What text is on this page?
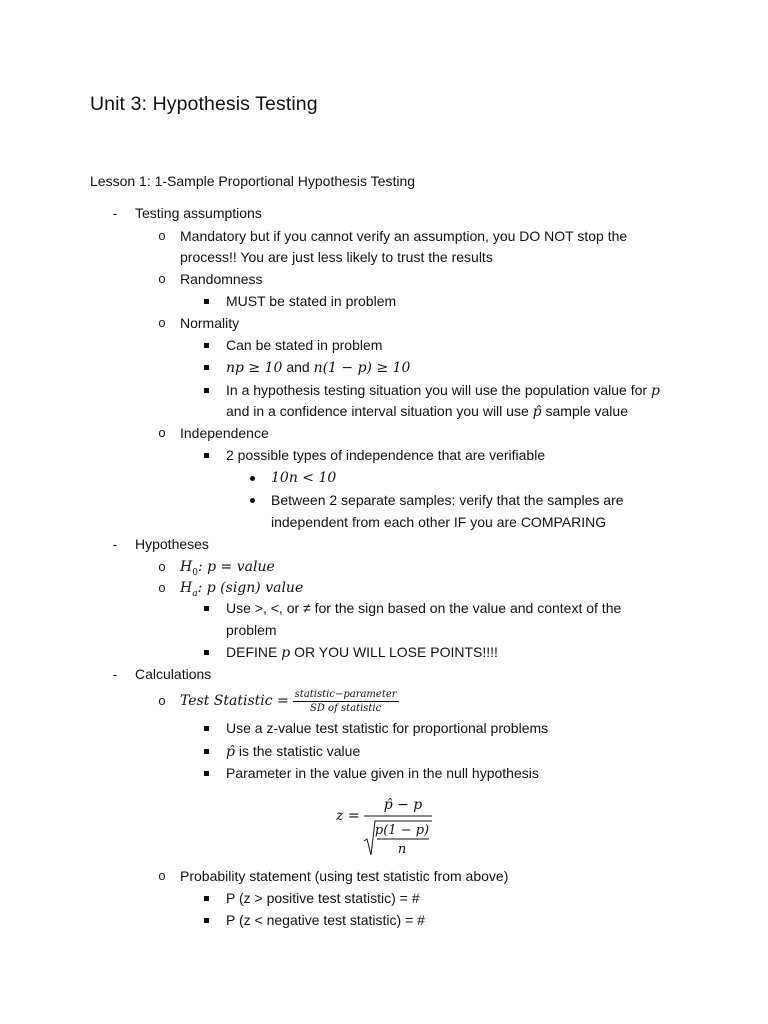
Unit 3: Hypothesis Testing
Lesson 1: 1-Sample Proportional Hypothesis Testing
- Testing assumptions
o Mandatory but if you cannot verify an assumption, you DO NOT stop the
process!! You are just less likely to trust the results
o Randomness
MUST be stated in problem
o Normality
Can be stated in problem
np ≥ 10 and n(1 − p) ≥ 10
In a hypothesis testing situation you will use the population value for p
and in a confidence interval situation you will use p̂ sample value
o Independence
2 possible types of independence that are verifiable
10n < 10
Between 2 separate samples: verify that the samples are
independent from each other IF you are COMPARING
- Hypotheses
o $H_0$: p = value
o $H_a$: p (sign) value
Use >, <, or ≠ for the sign based on the value and context of the
problem
DEFINE p OR YOU WILL LOSE POINTS!!!!
- Calculations
o Test Statistic = $\frac{\text{statistic−parameter}}{\text{SD of statistic}}$
Use a z-value test statistic for proportional problems
p̂ is the statistic value
Parameter in the value given in the null hypothesis
z =
p̂ − p
p(1 − p)
n
o Probability statement (using test statistic from above)
P (z > positive test statistic) = #
P (z < negative test statistic) = #
